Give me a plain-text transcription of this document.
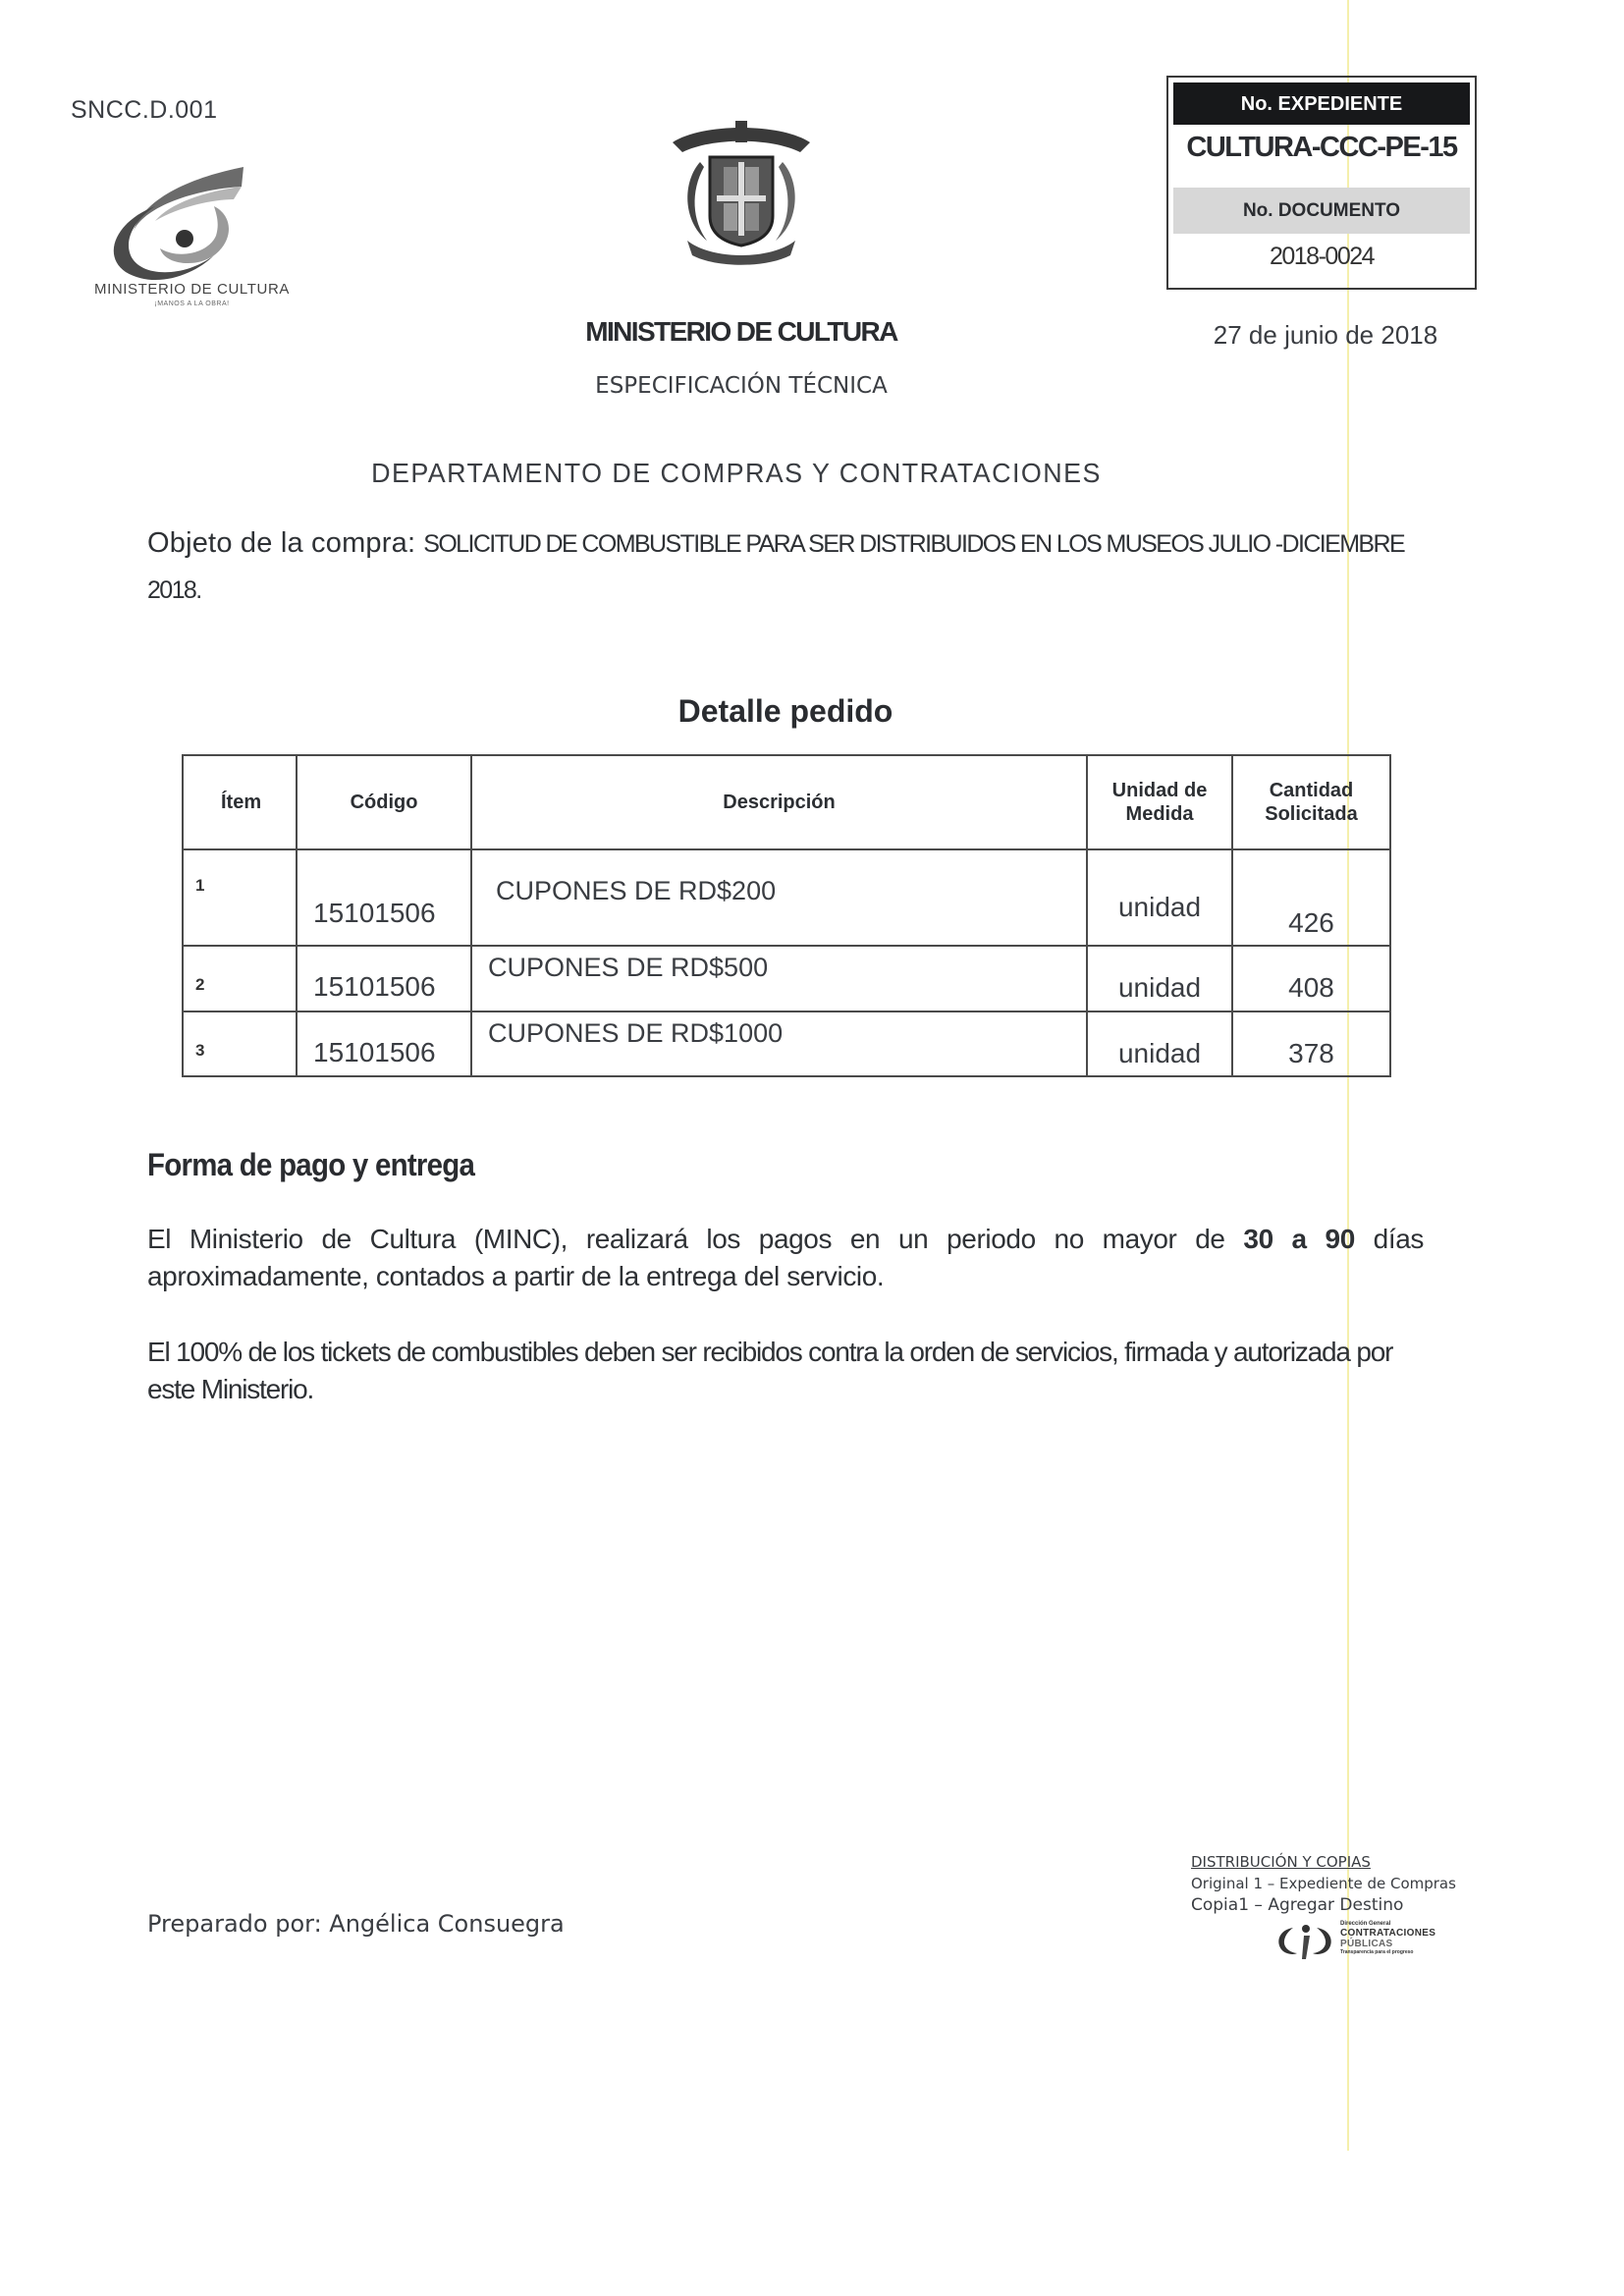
SNCC.D.001
MINISTERIO DE CULTURA
¡MANOS A LA OBRA!
MINISTERIO DE CULTURA
ESPECIFICACIÓN TÉCNICA
No. EXPEDIENTE
CULTURA-CCC-PE-15
No. DOCUMENTO
2018-0024
27 de junio de 2018
DEPARTAMENTO DE COMPRAS Y CONTRATACIONES
Objeto de la compra: SOLICITUD DE COMBUSTIBLE PARA SER DISTRIBUIDOS EN LOS MUSEOS JULIO -DICIEMBRE 2018.
Detalle pedido
Ítem	Código	Descripción	Unidad de Medida	Cantidad Solicitada

1	15101506	CUPONES DE RD$200	unidad	426

2	15101506	CUPONES DE RD$500	unidad	408

3	15101506	CUPONES DE RD$1000	unidad	378
Forma de pago y entrega
El Ministerio de Cultura (MINC), realizará los pagos en un periodo no mayor de 30 a 90 días aproximadamente, contados a partir de la entrega del servicio.
El 100% de los tickets de combustibles deben ser recibidos contra la orden de servicios, firmada y autorizada por este Ministerio.
Preparado por: Angélica Consuegra
DISTRIBUCIÓN Y COPIAS
Original 1 – Expediente de Compras
Copia1 – Agregar Destino
Dirección General
CONTRATACIONES
PÚBLICAS
Transparencia para el progreso
